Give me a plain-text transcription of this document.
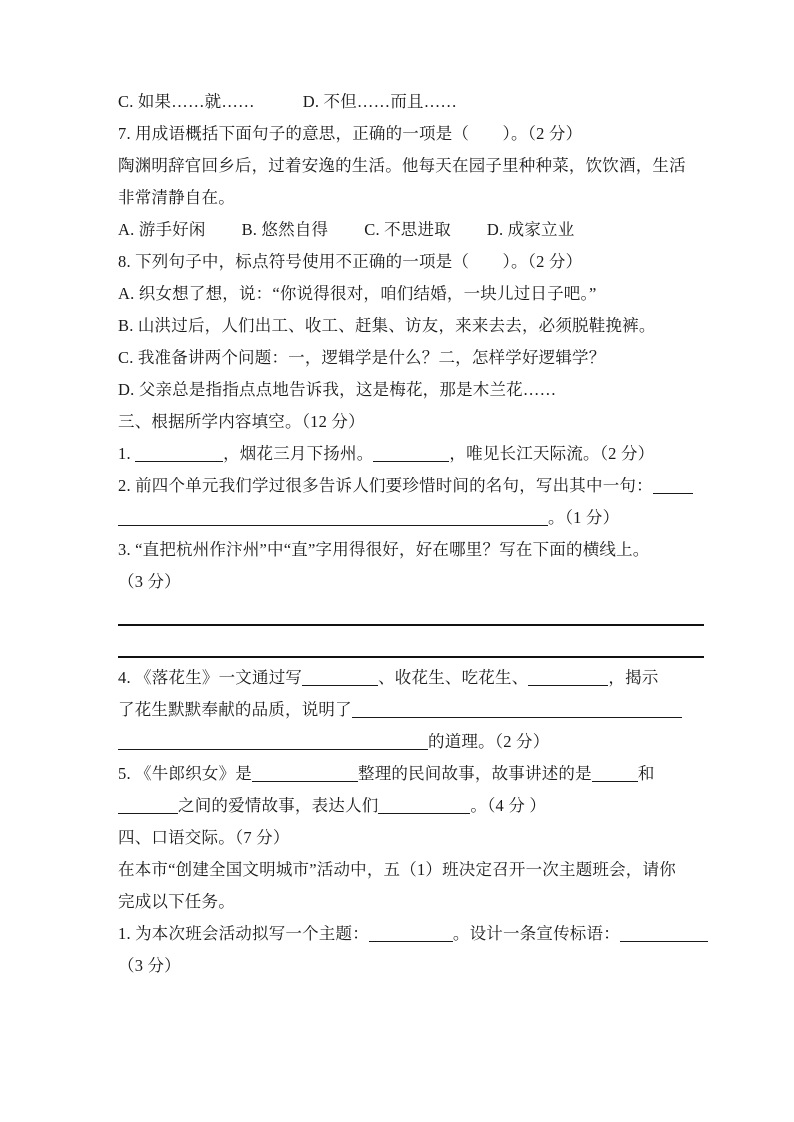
C. 如果……就……	D. 不但……而且……
7. 用成语概括下面句子的意思，正确的一项是（　　）。（2 分）
陶渊明辞官回乡后，过着安逸的生活。他每天在园子里种种菜，饮饮酒，生活
非常清静自在。
A. 游手好闲 B. 悠然自得 C. 不思进取 D. 成家立业
8. 下列句子中，标点符号使用不正确的一项是（　　）。（2 分）
A. 织女想了想，说：“你说得很对，咱们结婚，一块儿过日子吧。”
B. 山洪过后，人们出工、收工、赶集、访友，来来去去，必须脱鞋挽裤。
C. 我准备讲两个问题：一，逻辑学是什么？二，怎样学好逻辑学？
D. 父亲总是指指点点地告诉我，这是梅花，那是木兰花……
三、根据所学内容填空。（12 分）
1.	，烟花三月下扬州。	，唯见长江天际流。（2 分）
2. 前四个单元我们学过很多告诉人们要珍惜时间的名句，写出其中一句：
。（1 分）
3. “直把杭州作汴州”中“直”字用得很好，好在哪里？写在下面的横线上。
（3 分）
4. 《落花生》一文通过写	、收花生、吃花生、	，揭示
了花生默默奉献的品质，说明了
的道理。（2 分）
5. 《牛郎织女》是	整理的民间故事，故事讲述的是	和
之间的爱情故事，表达人们	。（4 分 ）
四、口语交际。（7 分）
在本市“创建全国文明城市”活动中，五（1）班决定召开一次主题班会，请你
完成以下任务。
1. 为本次班会活动拟写一个主题：	。设计一条宣传标语：
（3 分）
